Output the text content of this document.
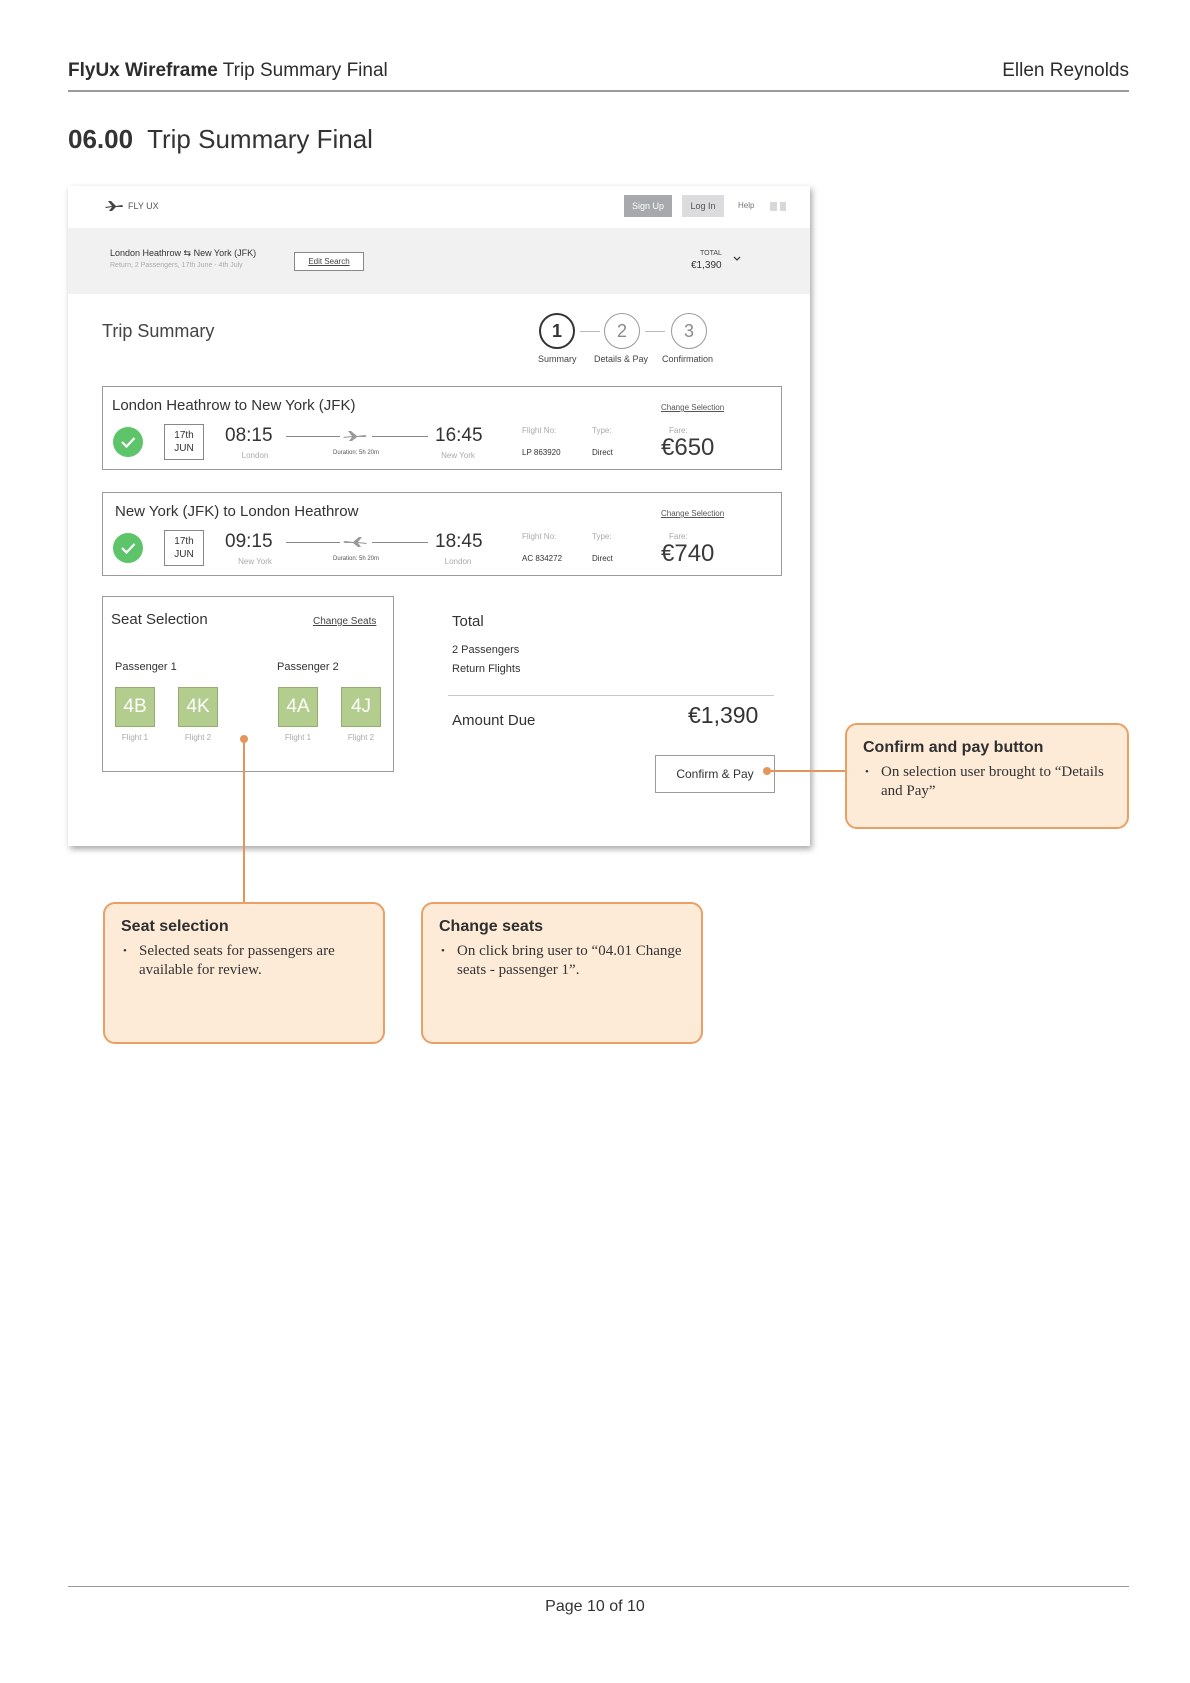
FlyUx Wireframe Trip Summary Final	Ellen Reynolds
06.00 Trip Summary Final
FLY UX	Sign Up	Log In	Help
London Heathrow ⇆ New York (JFK)
Return, 2 Passengers, 17th June - 4th July	Edit Search
TOTAL
€1,390
Trip Summary	1	2	3
Summary Details & Pay Confirmation
London Heathrow to New York (JFK)	Change Selection
17th
JUN
08:15
London	Duration: 5h 20m
16:45
New York
Flight No:
LP 863920
Type:
Direct
Fare:
€650
New York (JFK) to London Heathrow	Change Selection
17th
JUN
09:15
New York	Duration: 5h 20m
18:45
London
Flight No:
AC 834272
Type:
Direct
Fare:
€740
Seat Selection	Change Seats
Passenger 1	Passenger 2
4B	4K	4A	4J
Flight 1	Flight 2	Flight 1	Flight 2
Total
2 Passengers
Return Flights
Amount Due	€1,390
Confirm & Pay
Confirm and pay button
• On selection user brought to “Details and Pay”
Seat selection
• Selected seats for passengers are available for review.
Change seats
• On click bring user to “04.01 Change seats - passenger 1”.
Page 10 of 10
